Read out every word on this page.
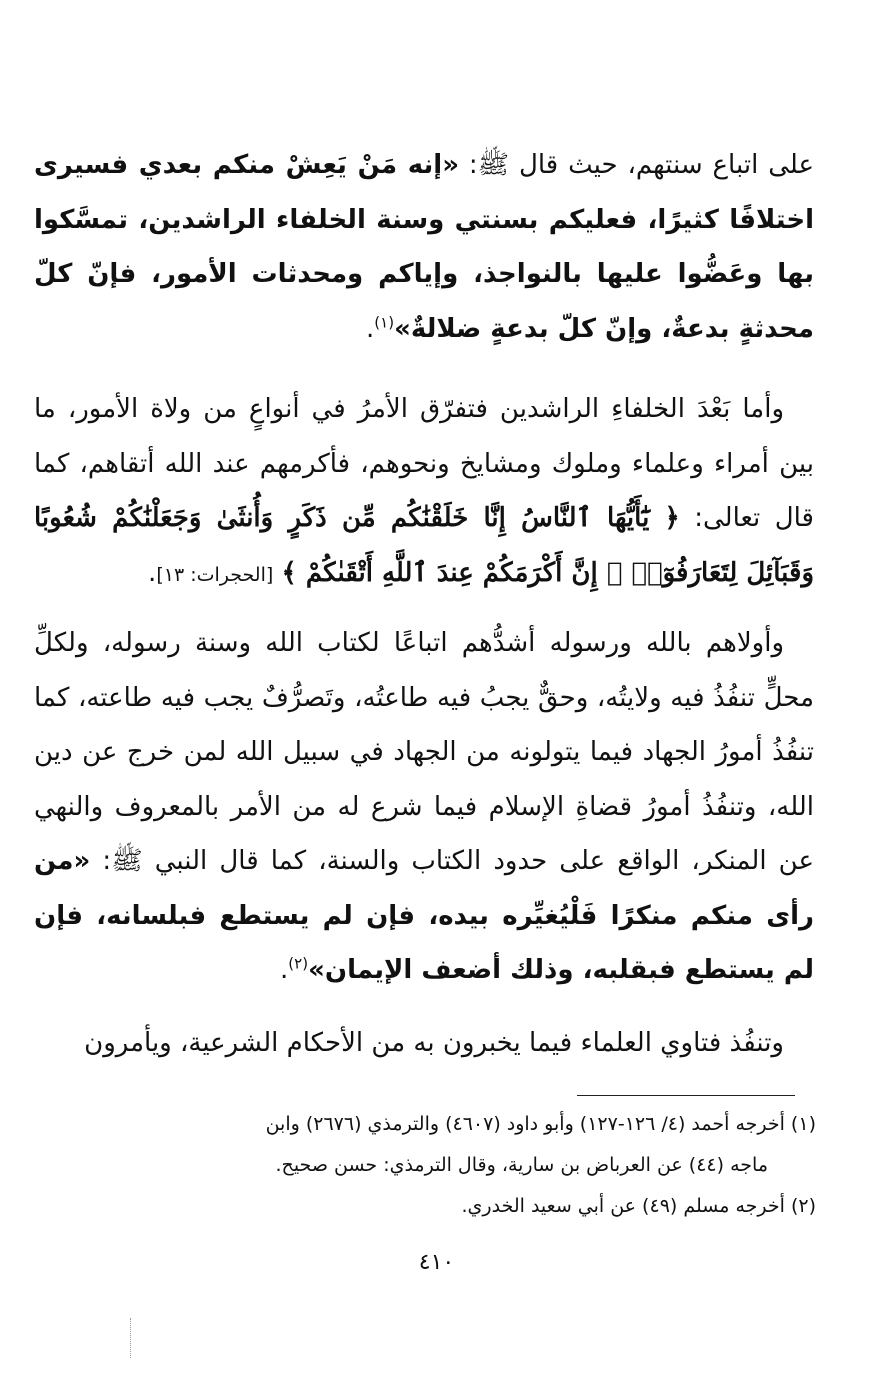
على اتباع سنتهم، حيث قال ﷺ: «إنه مَنْ يَعِشْ منكم بعدي فسيرى اختلافًا كثيرًا، فعليكم بسنتي وسنة الخلفاء الراشدين، تمسَّكوا بها وعَضُّوا عليها بالنواجذ، وإياكم ومحدثات الأمور، فإنّ كلّ محدثةٍ بدعةٌ، وإنّ كلّ بدعةٍ ضلالةٌ»$^{(١)}$.

وأما بَعْدَ الخلفاءِ الراشدين فتفرّق الأمرُ في أنواعٍ من ولاة الأمور، ما بين أمراء وعلماء وملوك ومشايخ ونحوهم، فأكرمهم عند الله أتقاهم، كما قال تعالى: ﴿ يَٰٓأَيُّهَا ٱلنَّاسُ إِنَّا خَلَقْنَٰكُم مِّن ذَكَرٍ وَأُنثَىٰ وَجَعَلْنَٰكُمْ شُعُوبًا وَقَبَآئِلَ لِتَعَارَفُوٓا۟ ۚ إِنَّ أَكْرَمَكُمْ عِندَ ٱللَّهِ أَتْقَىٰكُمْ ﴾ [الحجرات: ١٣].

وأولاهم بالله ورسوله أشدُّهم اتباعًا لكتاب الله وسنة رسوله، ولكلِّ محلٍّ تنفُذُ فيه ولايتُه، وحقٌّ يجبُ فيه طاعتُه، وتَصرُّفٌ يجب فيه طاعته، كما تنفُذُ أمورُ الجهاد فيما يتولونه من الجهاد في سبيل الله لمن خرج عن دين الله، وتنفُذُ أمورُ قضاةِ الإسلام فيما شرع له من الأمر بالمعروف والنهي عن المنكر، الواقع على حدود الكتاب والسنة، كما قال النبي ﷺ: «من رأى منكم منكرًا فَلْيُغيِّره بيده، فإن لم يستطع فبلسانه، فإن لم يستطع فبقلبه، وذلك أضعف الإيمان»$^{(٢)}$.

وتنفُذ فتاوي العلماء فيما يخبرون به من الأحكام الشرعية، ويأمرون

(١) أخرجه أحمد (٤/ ١٢٦-١٢٧) وأبو داود (٤٦٠٧) والترمذي (٢٦٧٦) وابن
ماجه (٤٤) عن العرباض بن سارية، وقال الترمذي: حسن صحيح.

(٢) أخرجه مسلم (٤٩) عن أبي سعيد الخدري.

٤١٠
